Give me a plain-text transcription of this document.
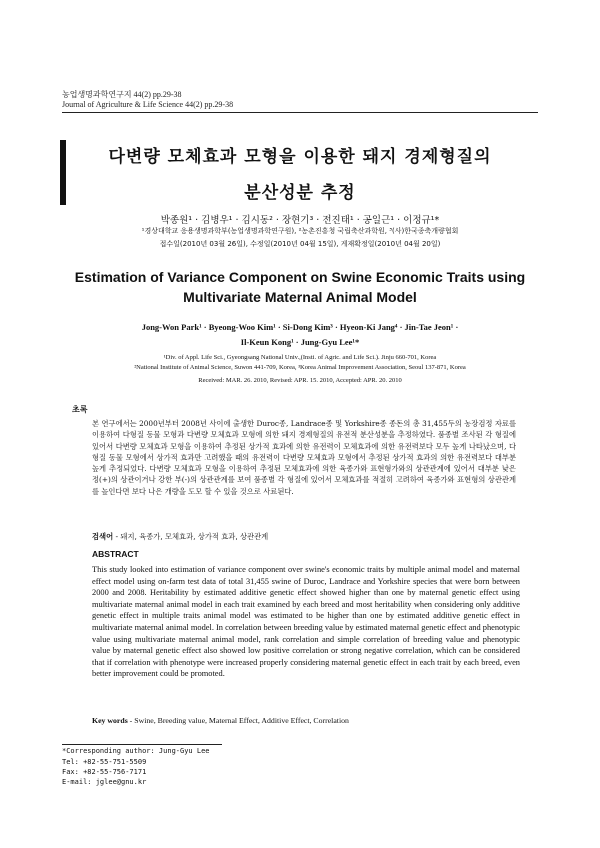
농업생명과학연구지 44(2) pp.29-38
Journal of Agriculture & Life Science 44(2) pp.29-38
다변량 모체효과 모형을 이용한 돼지 경제형질의
분산성분 추정
박종원¹ · 김병우¹ · 김시동² · 장현기³ · 전진태¹ · 공일근¹ · 이정규¹*
¹경상대학교 응용생명과학부(농업생명과학연구원), ²농촌진흥청 국립축산과학원, ³(사)한국종축개량협회
접수일(2010년 03월 26일), 수정일(2010년 04월 15일), 게재확정일(2010년 04월 20일)
Estimation of Variance Component on Swine Economic Traits using
Multivariate Maternal Animal Model
Jong-Won Park¹ · Byeong-Woo Kim¹ · Si-Dong Kim³ · Hyeon-Ki Jang⁴ · Jin-Tae Jeon¹ ·
Il-Keun Kong¹ · Jung-Gyu Lee¹*
¹Div. of Appl. Life Sci., Gyeongsang National Univ.,(Insti. of Agric. and Life Sci.). Jinju 660-701, Korea
²National Institute of Animal Science, Suwon 441-709, Korea, ³Korea Animal Improvement Association, Seoul 137-871, Korea
Received: MAR. 26. 2010, Revised: APR. 15. 2010, Accepted: APR. 20. 2010
초록
본 연구에서는 2000년부터 2008년 사이에 출생한 Duroc종, Landrace종 및 Yorkshire종 종돈의 총 31,455두의 농장검정 자료를 이용하여 다형질 동물 모형과 다변량 모체효과 모형에 의한 돼지 경제형질의 유전적 분산성분을 추정하였다. 품종별 조사된 각 형질에 있어서 다변량 모체효과 모형을 이용하여 추정된 상가적 효과에 의한 유전력이 모체효과에 의한 유전력보다 모두 높게 나타났으며, 다형질 동물 모형에서 상가적 효과만 고려했을 때의 유전력이 다변량 모체효과 모형에서 추정된 상가적 효과의 의한 유전력보다 대부분 높게 추정되었다. 다변량 모체효과 모형을 이용하여 추정된 모체효과에 의한 육종가와 표현형가와의 상관관계에 있어서 대부분 낮은 정(+)의 상관이거나 강한 부(-)의 상관관계를 보여 품종별 각 형질에 있어서 모체효과를 적절히 고려하여 육종가와 표현형의 상관관계를 높인다면 보다 나은 개량을 도모 할 수 있을 것으로 사료된다.
검색어 - 돼지, 육종가, 모체효과, 상가적 효과, 상관관계
ABSTRACT
This study looked into estimation of variance component over swine's economic traits by multiple animal model and maternal effect model using on-farm test data of total 31,455 swine of Duroc, Landrace and Yorkshire species that were born between 2000 and 2008. Heritability by estimated additive genetic effect showed higher than one by maternal genetic effect using multivariate maternal animal model in each trait examined by each breed and most heritability when considering only additive genetic effect in multiple traits animal model was estimated to be higher than one by estimated additive genetic effect in multivariate maternal animal model. In correlation between breeding value by estimated maternal genetic effect and phenotypic value using multivariate maternal animal model, rank correlation and simple correlation of breeding value and phenotypic value by maternal genetic effect also showed low positive correlation or strong negative correlation, which can be considered that if correlation with phenotype were increased properly considering maternal genetic effect in each trait by each breed, even better improvement could be promoted.
Key words - Swine, Breeding value, Maternal Effect, Additive Effect, Correlation
*Corresponding author: Jung-Gyu Lee
Tel: +82-55-751-5509
Fax: +82-55-756-7171
E-mail: jglee@gnu.kr
